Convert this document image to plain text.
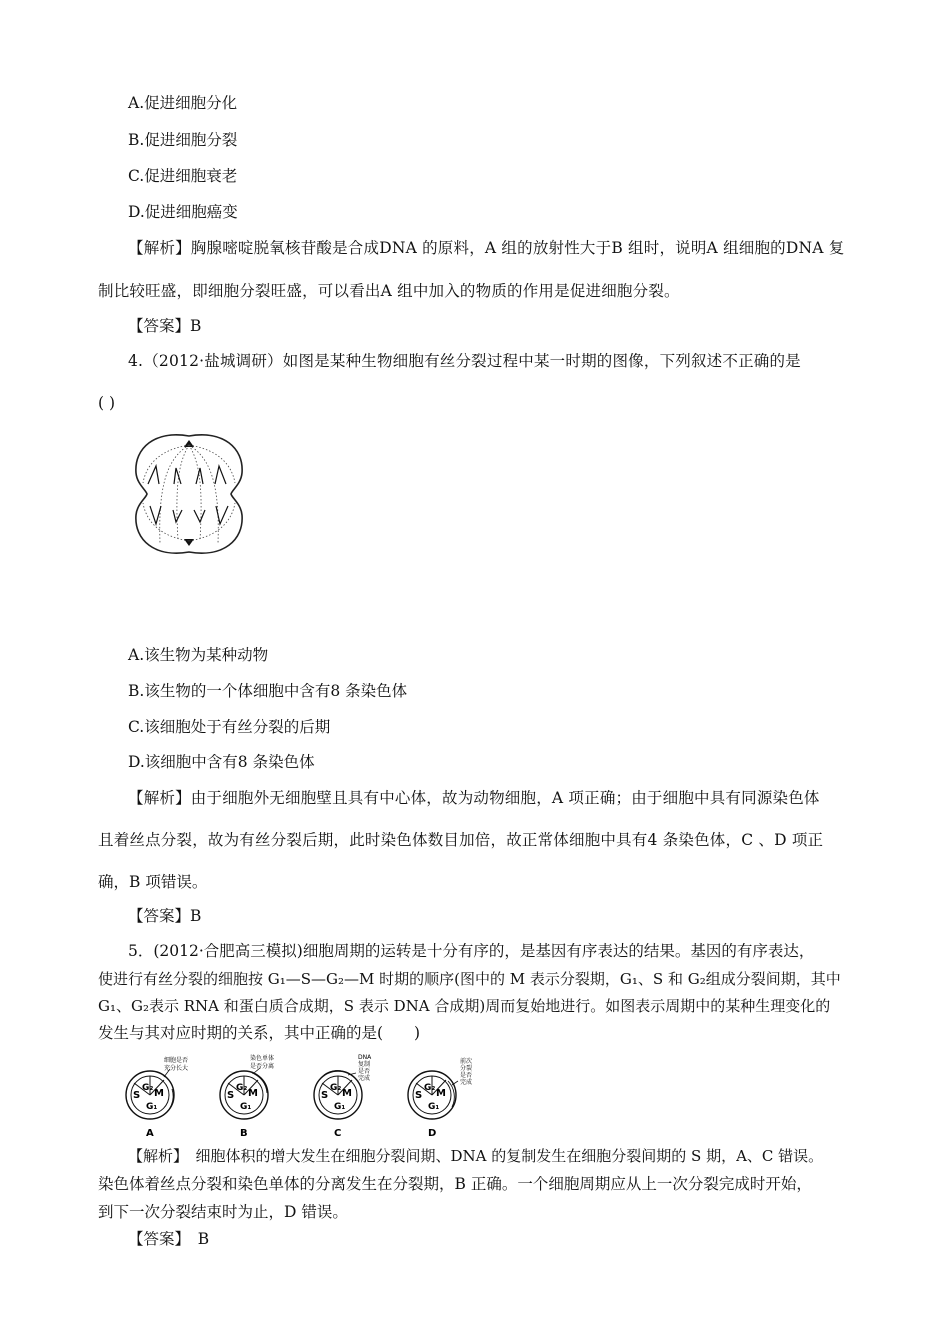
A.促进细胞分化
B.促进细胞分裂
C.促进细胞衰老
D.促进细胞癌变
【解析】胸腺嘧啶脱氧核苷酸是合成DNA 的原料，A 组的放射性大于B 组时，说明A 组细胞的DNA 复
制比较旺盛，即细胞分裂旺盛，可以看出A 组中加入的物质的作用是促进细胞分裂。
【答案】B
4.（2012·盐城调研）如图是某种生物细胞有丝分裂过程中某一时期的图像，下列叙述不正确的是
( )
A.该生物为某种动物
B.该生物的一个体细胞中含有8 条染色体
C.该细胞处于有丝分裂的后期
D.该细胞中含有8 条染色体
【解析】由于细胞外无细胞壁且具有中心体，故为动物细胞，A 项正确；由于细胞中具有同源染色体
且着丝点分裂，故为有丝分裂后期，此时染色体数目加倍，故正常体细胞中具有4 条染色体，C 、D 项正
确，B 项错误。
【答案】B
5．(2012·合肥高三模拟)细胞周期的运转是十分有序的，是基因有序表达的结果。基因的有序表达，
使进行有丝分裂的细胞按 G₁—S—G₂—M 时期的顺序(图中的 M 表示分裂期，G₁、S 和 G₂组成分裂间期，其中
G₁、G₂表示 RNA 和蛋白质合成期，S 表示 DNA 合成期)周而复始地进行。如图表示周期中的某种生理变化的
发生与其对应时期的关系，其中正确的是(　　)
S
G₂ M
G₁
细胞是否
充分长大
A
S
G₂ M
G₁
染色单体
是否分离
B
S
G₂ M
G₁
DNA
复制
是否
完成
C
S
G₂ M
G₁
前次
分裂
是否
完成
D
【解析】　细胞体积的增大发生在细胞分裂间期、DNA 的复制发生在细胞分裂间期的 S 期，A、C 错误。
染色体着丝点分裂和染色单体的分离发生在分裂期，B 正确。一个细胞周期应从上一次分裂完成时开始，
到下一次分裂结束时为止，D 错误。
【答案】　B
